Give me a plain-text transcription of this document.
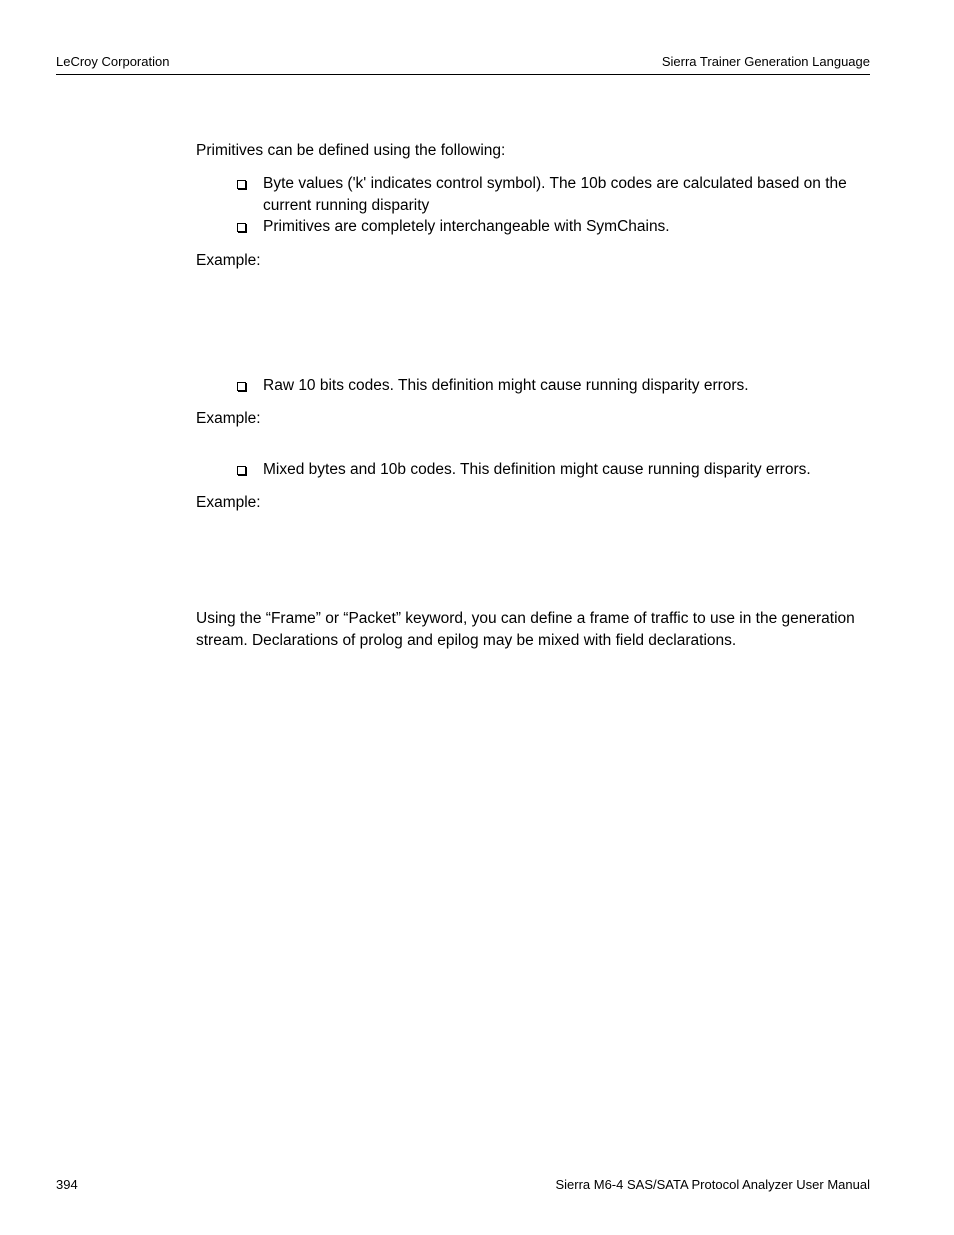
LeCroy Corporation	Sierra Trainer Generation Language
Primitives can be defined using the following:
Byte values ('k' indicates control symbol). The 10b codes are calculated based on the current running disparity
Primitives are completely interchangeable with SymChains.
Example:
Raw 10 bits codes. This definition might cause running disparity errors.
Example:
Mixed bytes and 10b codes. This definition might cause running disparity errors.
Example:
Using the “Frame” or “Packet” keyword, you can define a frame of traffic to use in the generation stream. Declarations of prolog and epilog may be mixed with field declarations.
394	Sierra M6-4 SAS/SATA Protocol Analyzer User Manual
